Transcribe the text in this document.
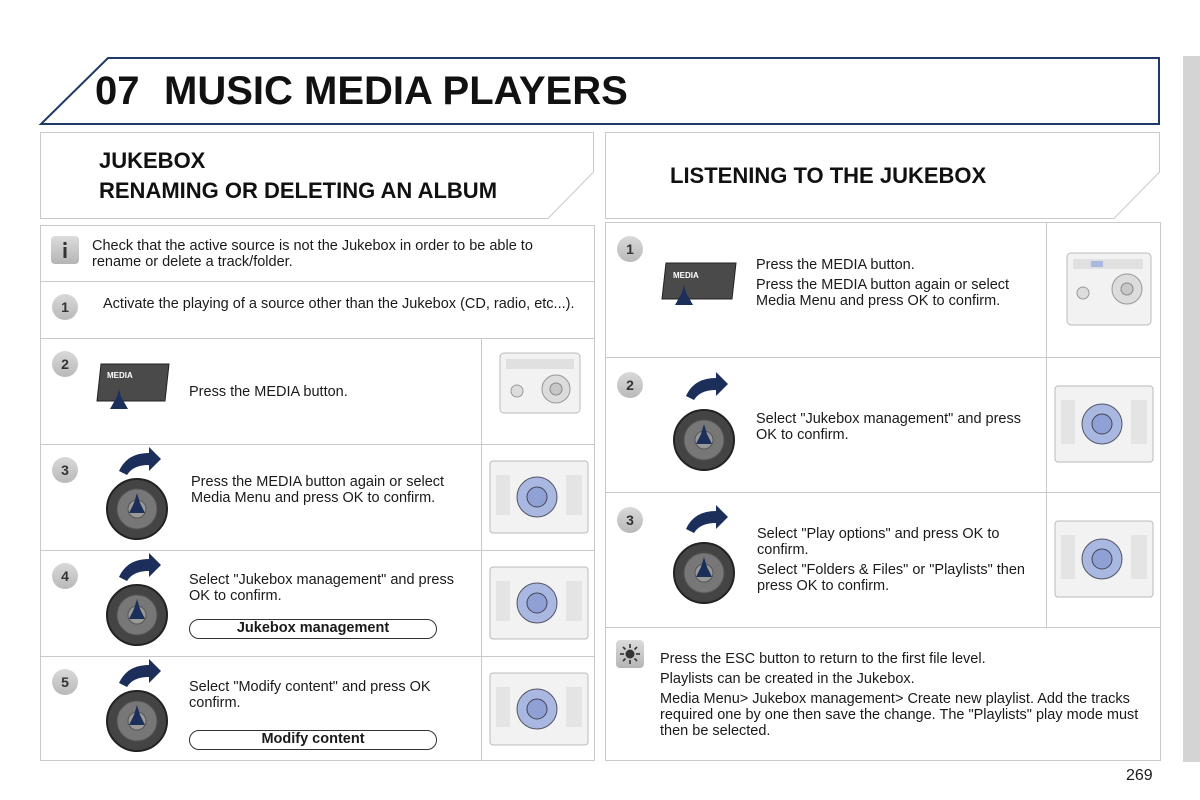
07 MUSIC MEDIA PLAYERS
JUKEBOX
RENAMING OR DELETING AN ALBUM
Check that the active source is not the Jukebox in order to be able to rename or delete a track/folder.
1	Activate the playing of a source other than the Jukebox (CD, radio, etc...).
2
MEDIA
Press the MEDIA button.
3
Press the MEDIA button again or select Media Menu and press OK to confirm.
4	Select "Jukebox management" and press OK to confirm.
Jukebox management
5	Select "Modify content" and press OK confirm.
Modify content
LISTENING TO THE JUKEBOX
1
MEDIA

Press the MEDIA button.

Press the MEDIA button again or select Media Menu and press OK to confirm.

2
Select "Jukebox management" and press OK to confirm.
3

Select "Play options" and press OK to confirm.

Select "Folders & Files" or "Playlists" then press OK to confirm.

Press the ESC button to return to the first file level.

Playlists can be created in the Jukebox.

Media Menu> Jukebox management> Create new playlist. Add the tracks required one by one then save the change. The "Playlists" play mode must then be selected.

269
